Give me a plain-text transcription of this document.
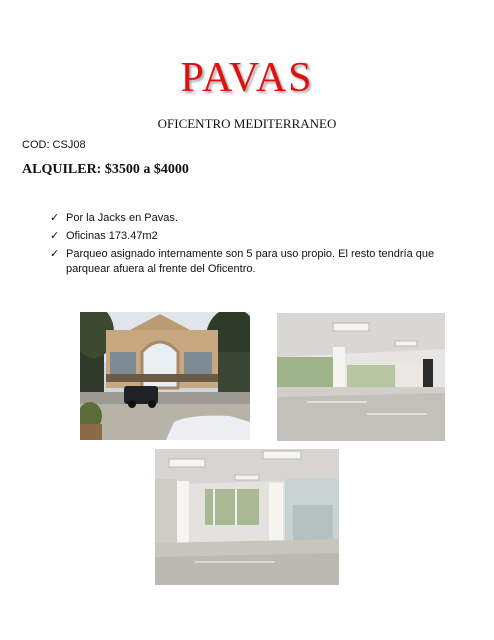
PAVAS
OFICENTRO MEDITERRANEO
COD: CSJ08
ALQUILER: $3500 a $4000
✓ Por la Jacks en Pavas.
✓ Oficinas 173.47m2
✓ Parqueo asignado internamente son 5 para uso propio. El resto tendría que parquear afuera al frente del Oficentro.
